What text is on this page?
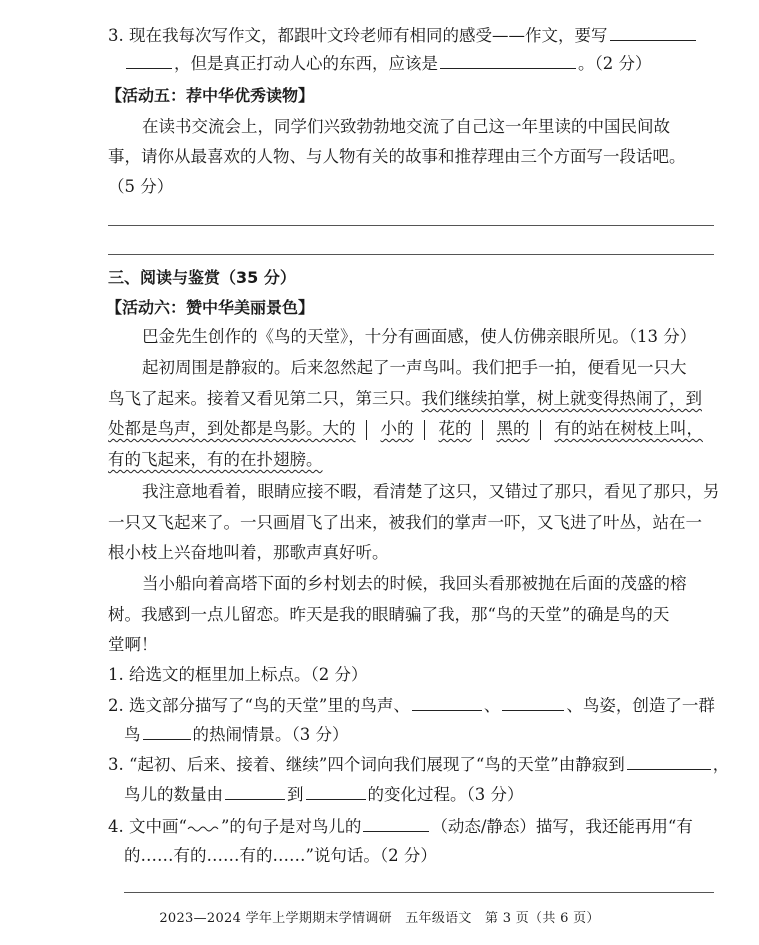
3. 现在我每次写作文，都跟叶文玲老师有相同的感受——作文，要写
，但是真正打动人心的东西，应该是	。（2 分）
【活动五：荐中华优秀读物】
在读书交流会上，同学们兴致勃勃地交流了自己这一年里读的中国民间故
事，请你从最喜欢的人物、与人物有关的故事和推荐理由三个方面写一段话吧。
（5 分）
三、阅读与鉴赏（35 分）
【活动六：赞中华美丽景色】
巴金先生创作的《鸟的天堂》，十分有画面感，使人仿佛亲眼所见。（13 分）
起初周围是静寂的。后来忽然起了一声鸟叫。我们把手一拍，便看见一只大
鸟飞了起来。接着又看见第二只，第三只。我们继续拍掌，树上就变得热闹了，到
处都是鸟声，到处都是鸟影。大的 小的 花的 黑的 有的站在树枝上叫，
有的飞起来，有的在扑翅膀。
我注意地看着，眼睛应接不暇，看清楚了这只，又错过了那只，看见了那只，另
一只又飞起来了。一只画眉飞了出来，被我们的掌声一吓，又飞进了叶丛，站在一
根小枝上兴奋地叫着，那歌声真好听。
当小船向着高塔下面的乡村划去的时候，我回头看那被抛在后面的茂盛的榕
树。我感到一点儿留恋。昨天是我的眼睛骗了我，那“鸟的天堂”的确是鸟的天
堂啊！
1. 给选文的框里加上标点。（2 分）
2. 选文部分描写了“鸟的天堂”里的鸟声、	、	、鸟姿，创造了一群
鸟	的热闹情景。（3 分）
3. “起初、后来、接着、继续”四个词向我们展现了“鸟的天堂”由静寂到	，
鸟儿的数量由	到	的变化过程。（3 分）
4. 文中画“ ”的句子是对鸟儿的	（动态/静态）描写，我还能再用“有
的……有的……有的……”说句话。（2 分）
2023—2024 学年上学期期末学情调研　五年级语文　第 3 页（共 6 页）
